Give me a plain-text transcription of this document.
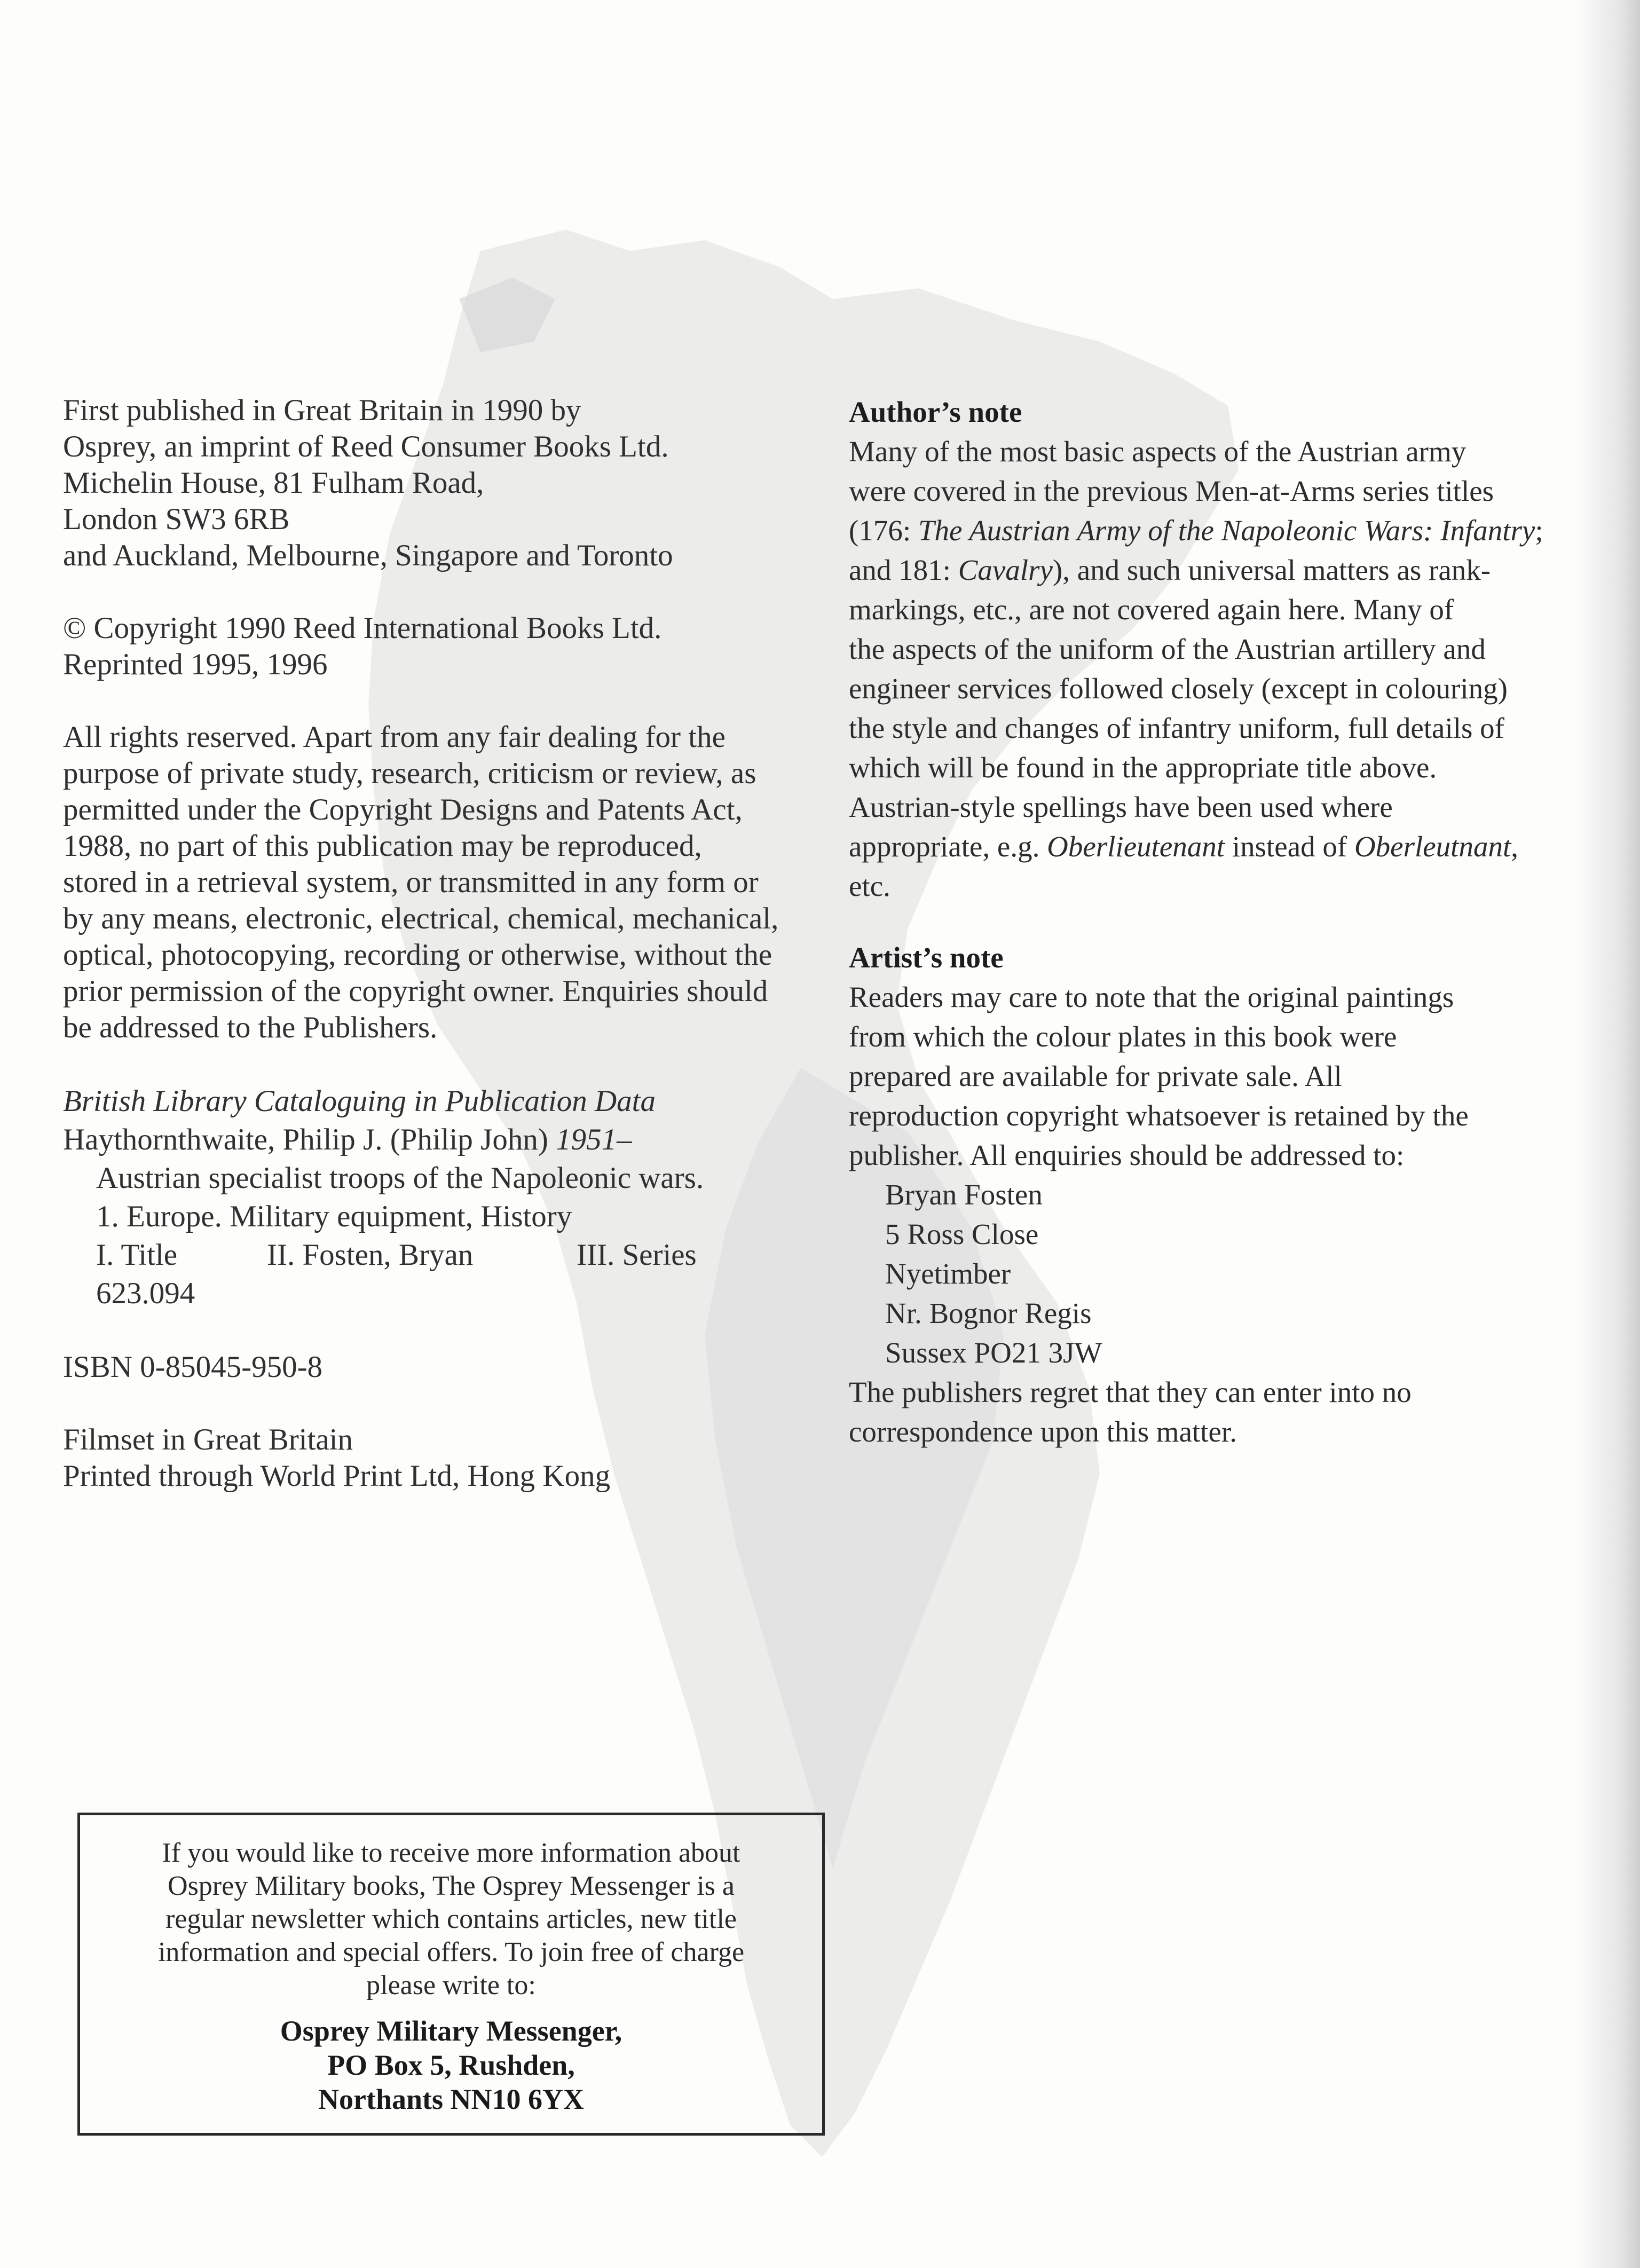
First published in Great Britain in 1990 by
Osprey, an imprint of Reed Consumer Books Ltd.
Michelin House, 81 Fulham Road,
London SW3 6RB
and Auckland, Melbourne, Singapore and Toronto
© Copyright 1990 Reed International Books Ltd.
Reprinted 1995, 1996
All rights reserved. Apart from any fair dealing for the
purpose of private study, research, criticism or review, as
permitted under the Copyright Designs and Patents Act,
1988, no part of this publication may be reproduced,
stored in a retrieval system, or transmitted in any form or
by any means, electronic, electrical, chemical, mechanical,
optical, photocopying, recording or otherwise, without the
prior permission of the copyright owner. Enquiries should
be addressed to the Publishers.
British Library Cataloguing in Publication Data
Haythornthwaite, Philip J. (Philip John) 1951–
Austrian specialist troops of the Napoleonic wars.
1. Europe. Military equipment, History
I. Title	II. Fosten, Bryan	III. Series
623.094
ISBN 0-85045-950-8
Filmset in Great Britain
Printed through World Print Ltd, Hong Kong
Author’s note
Many of the most basic aspects of the Austrian army
were covered in the previous Men-at-Arms series titles
(176: The Austrian Army of the Napoleonic Wars: Infantry;
and 181: Cavalry), and such universal matters as rank-
markings, etc., are not covered again here. Many of
the aspects of the uniform of the Austrian artillery and
engineer services followed closely (except in colouring)
the style and changes of infantry uniform, full details of
which will be found in the appropriate title above.
Austrian-style spellings have been used where
appropriate, e.g. Oberlieutenant instead of Oberleutnant,
etc.
Artist’s note
Readers may care to note that the original paintings
from which the colour plates in this book were
prepared are available for private sale. All
reproduction copyright whatsoever is retained by the
publisher. All enquiries should be addressed to:
Bryan Fosten
5 Ross Close
Nyetimber
Nr. Bognor Regis
Sussex PO21 3JW
The publishers regret that they can enter into no
correspondence upon this matter.
If you would like to receive more information about
Osprey Military books, The Osprey Messenger is a
regular newsletter which contains articles, new title
information and special offers. To join free of charge
please write to:
Osprey Military Messenger,
PO Box 5, Rushden,
Northants NN10 6YX
